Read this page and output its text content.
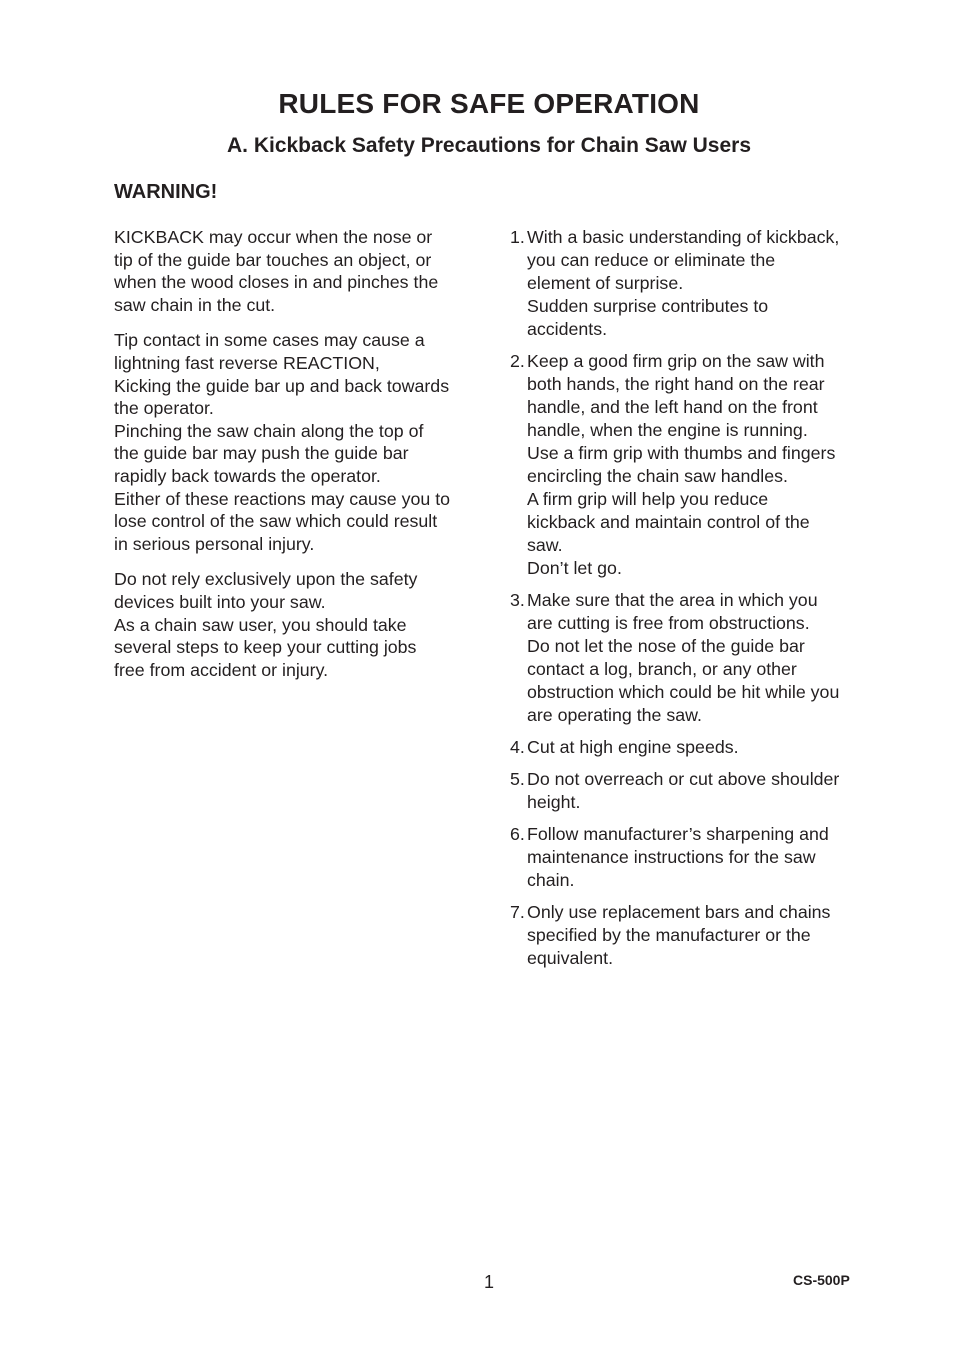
RULES FOR SAFE OPERATION
A. Kickback Safety Precautions for Chain Saw Users
WARNING!

KICKBACK may occur when the nose or
tip of the guide bar touches an object, or
when the wood closes in and pinches the
saw chain in the cut.

Tip contact in some cases may cause a
lightning fast reverse REACTION,
Kicking the guide bar up and back towards
the operator.
Pinching the saw chain along the top of
the guide bar may push the guide bar
rapidly back towards the operator.
Either of these reactions may cause you to
lose control of the saw which could result
in serious personal injury.

Do not rely exclusively upon the safety
devices built into your saw.
As a chain saw user, you should take
several steps to keep your cutting jobs
free from accident or injury.

1. With a basic understanding of kickback,
you can reduce or eliminate the
element of surprise.
Sudden surprise contributes to
accidents.
2. Keep a good firm grip on the saw with
both hands, the right hand on the rear
handle, and the left hand on the front
handle, when the engine is running.
Use a firm grip with thumbs and fingers
encircling the chain saw handles.
A firm grip will help you reduce
kickback and maintain control of the
saw.
Don’t let go.
3. Make sure that the area in which you
are cutting is free from obstructions.
Do not let the nose of the guide bar
contact a log, branch, or any other
obstruction which could be hit while you
are operating the saw.
4. Cut at high engine speeds.
5. Do not overreach or cut above shoulder
height.
6. Follow manufacturer’s sharpening and
maintenance instructions for the saw
chain.
7. Only use replacement bars and chains
specified by the manufacturer or the
equivalent.
1	CS-500P
